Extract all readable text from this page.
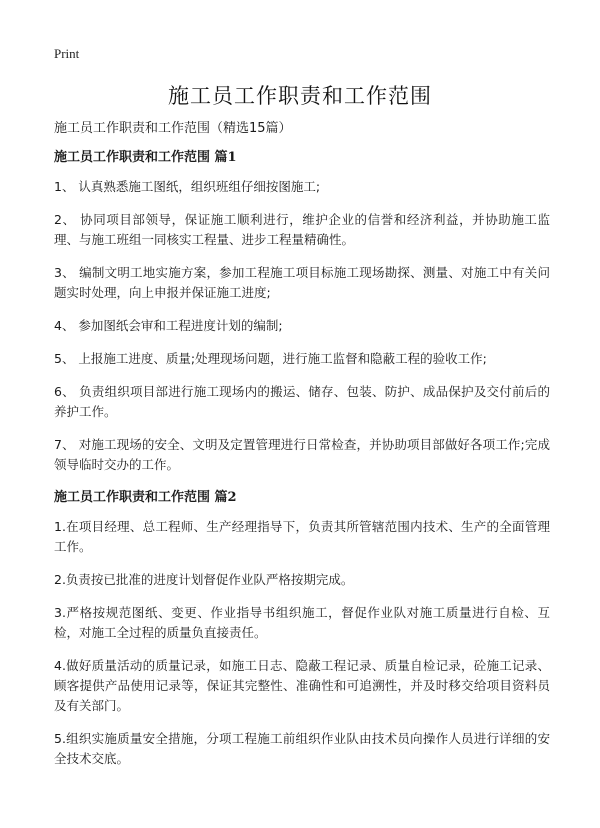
Print
施工员工作职责和工作范围

施工员工作职责和工作范围（精选15篇）

施工员工作职责和工作范围 篇1

1、 认真熟悉施工图纸，组织班组仔细按图施工;

2、 协同项目部领导，保证施工顺利进行，维护企业的信誉和经济利益，并协助施工监理、与施工班组一同核实工程量、进步工程量精确性。

3、 编制文明工地实施方案，参加工程施工项目标施工现场勘探、测量、对施工中有关问题实时处理，向上申报并保证施工进度;

4、 参加图纸会审和工程进度计划的编制;

5、 上报施工进度、质量;处理现场问题，进行施工监督和隐蔽工程的验收工作;

6、 负责组织项目部进行施工现场内的搬运、储存、包装、防护、成品保护及交付前后的养护工作。

7、 对施工现场的安全、文明及定置管理进行日常检查，并协助项目部做好各项工作;完成领导临时交办的工作。

施工员工作职责和工作范围 篇2

1.在项目经理、总工程师、生产经理指导下，负责其所管辖范围内技术、生产的全面管理工作。

2.负责按已批准的进度计划督促作业队严格按期完成。

3.严格按规范图纸、变更、作业指导书组织施工，督促作业队对施工质量进行自检、互检，对施工全过程的质量负直接责任。

4.做好质量活动的质量记录，如施工日志、隐蔽工程记录、质量自检记录，砼施工记录、顾客提供产品使用记录等，保证其完整性、准确性和可追溯性，并及时移交给项目资料员及有关部门。

5.组织实施质量安全措施，分项工程施工前组织作业队由技术员向操作人员进行详细的安全技术交底。
